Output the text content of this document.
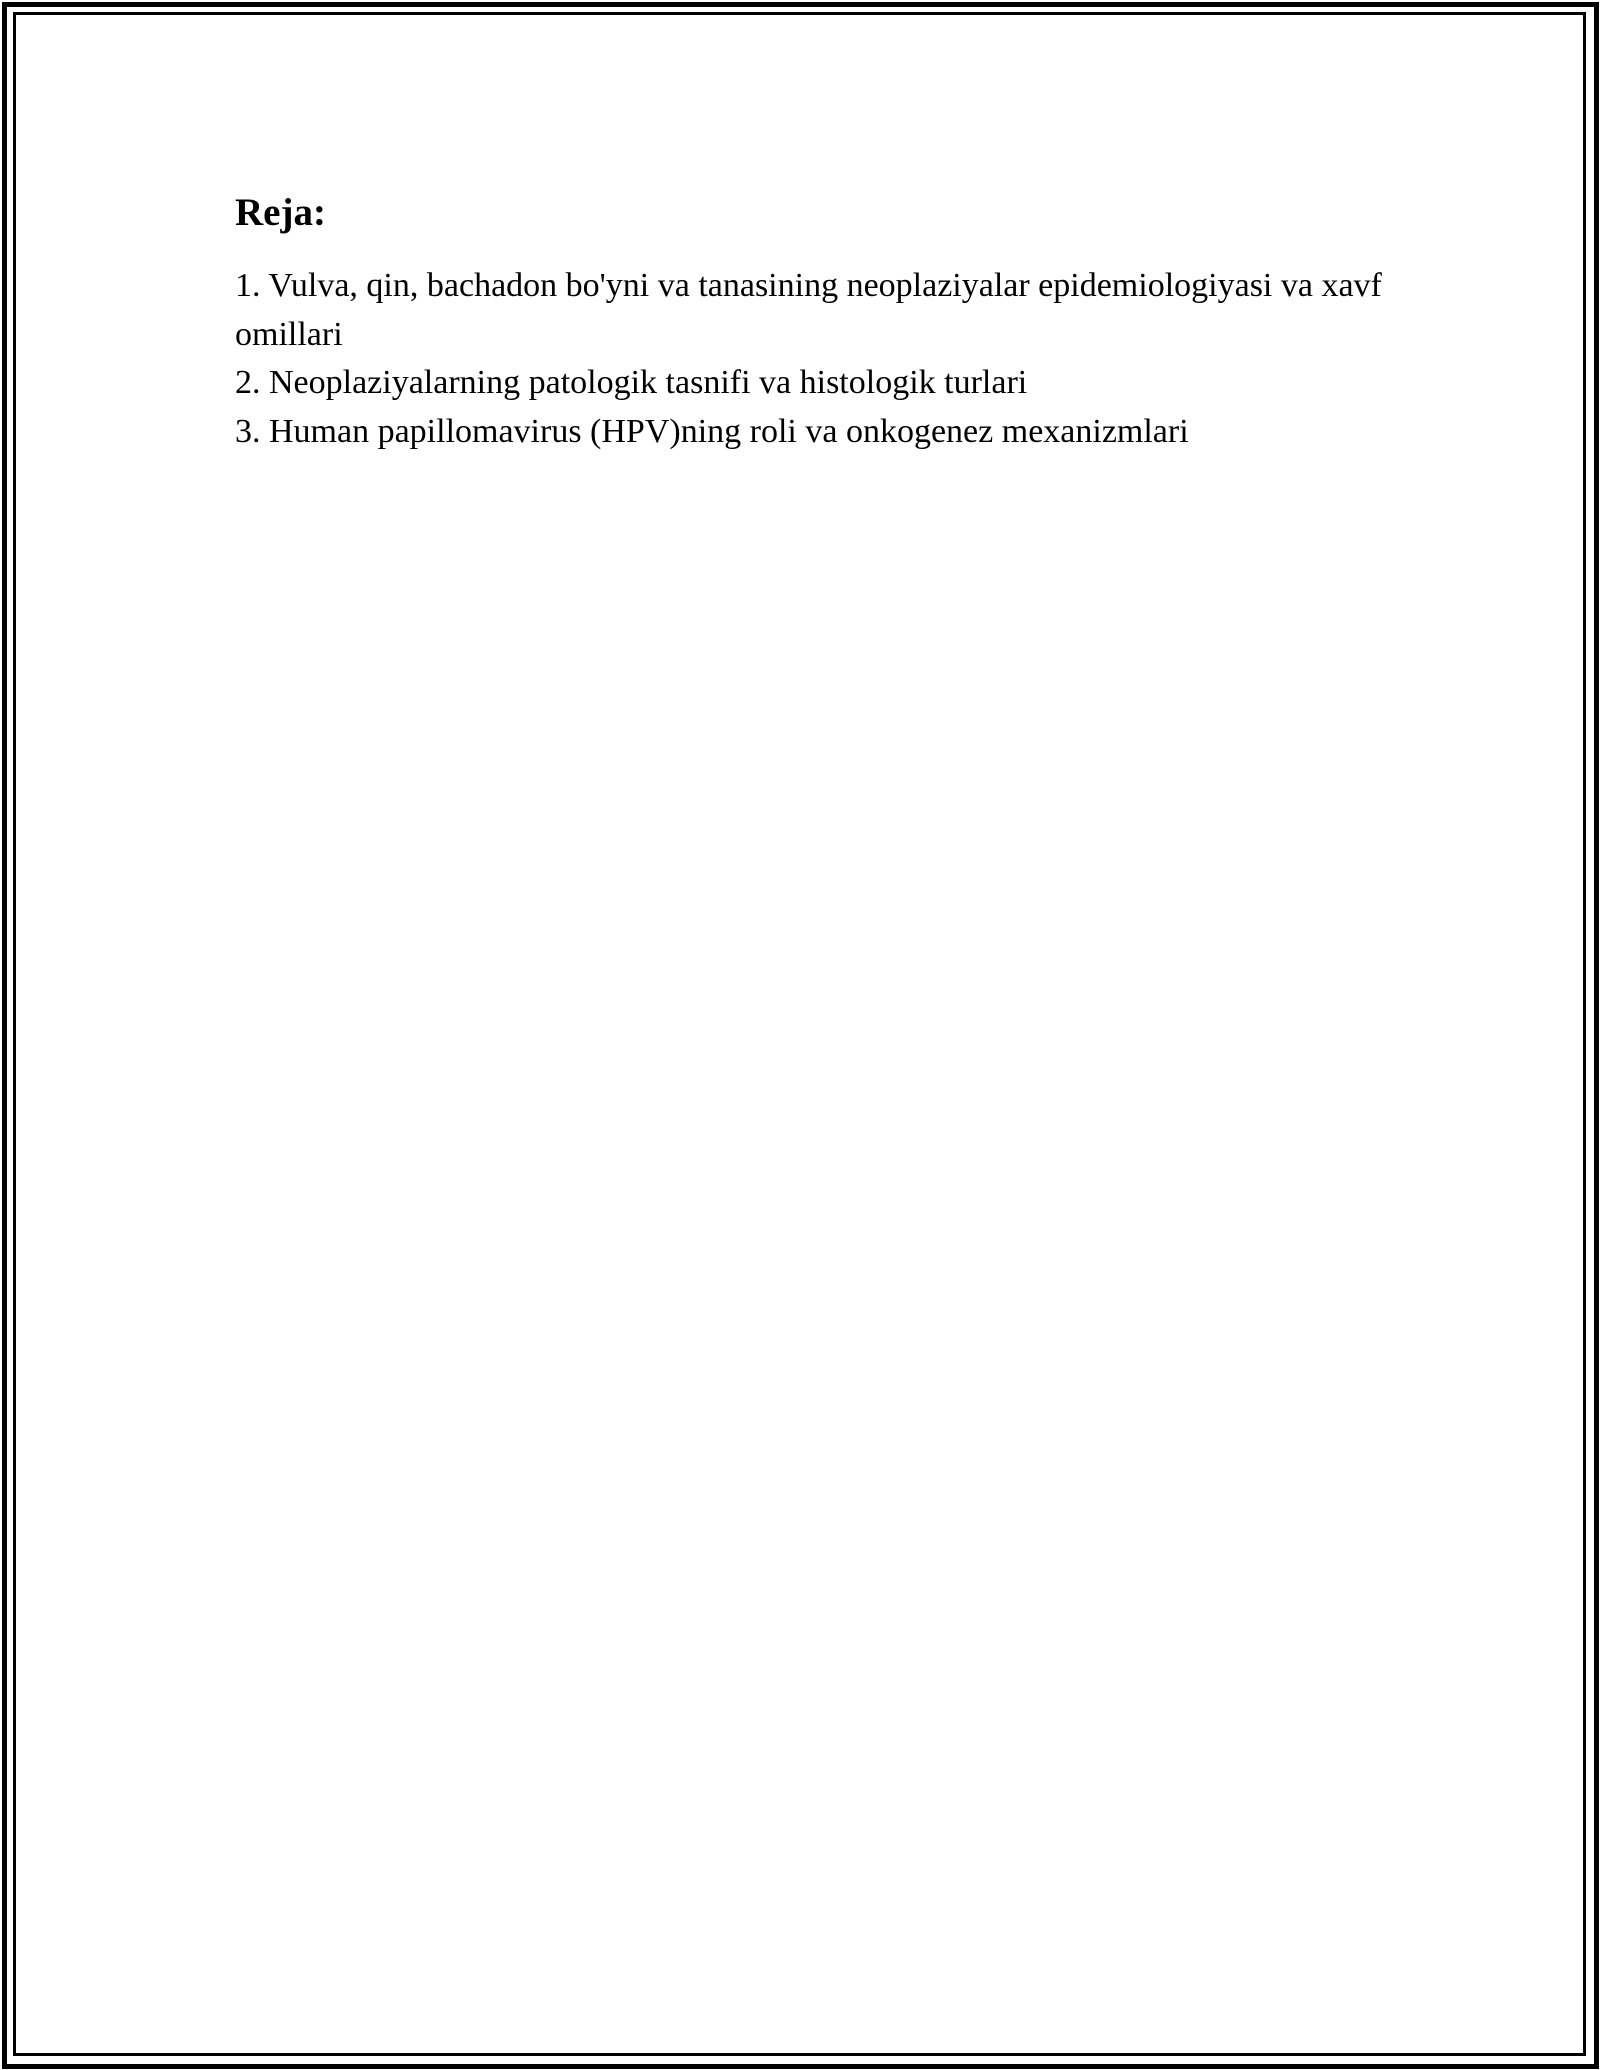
Reja:
1. Vulva, qin, bachadon bo'yni va tanasining neoplaziyalar epidemiologiyasi va xavf omillari
2. Neoplaziyalarning patologik tasnifi va histologik turlari
3. Human papillomavirus (HPV)ning roli va onkogenez mexanizmlari
